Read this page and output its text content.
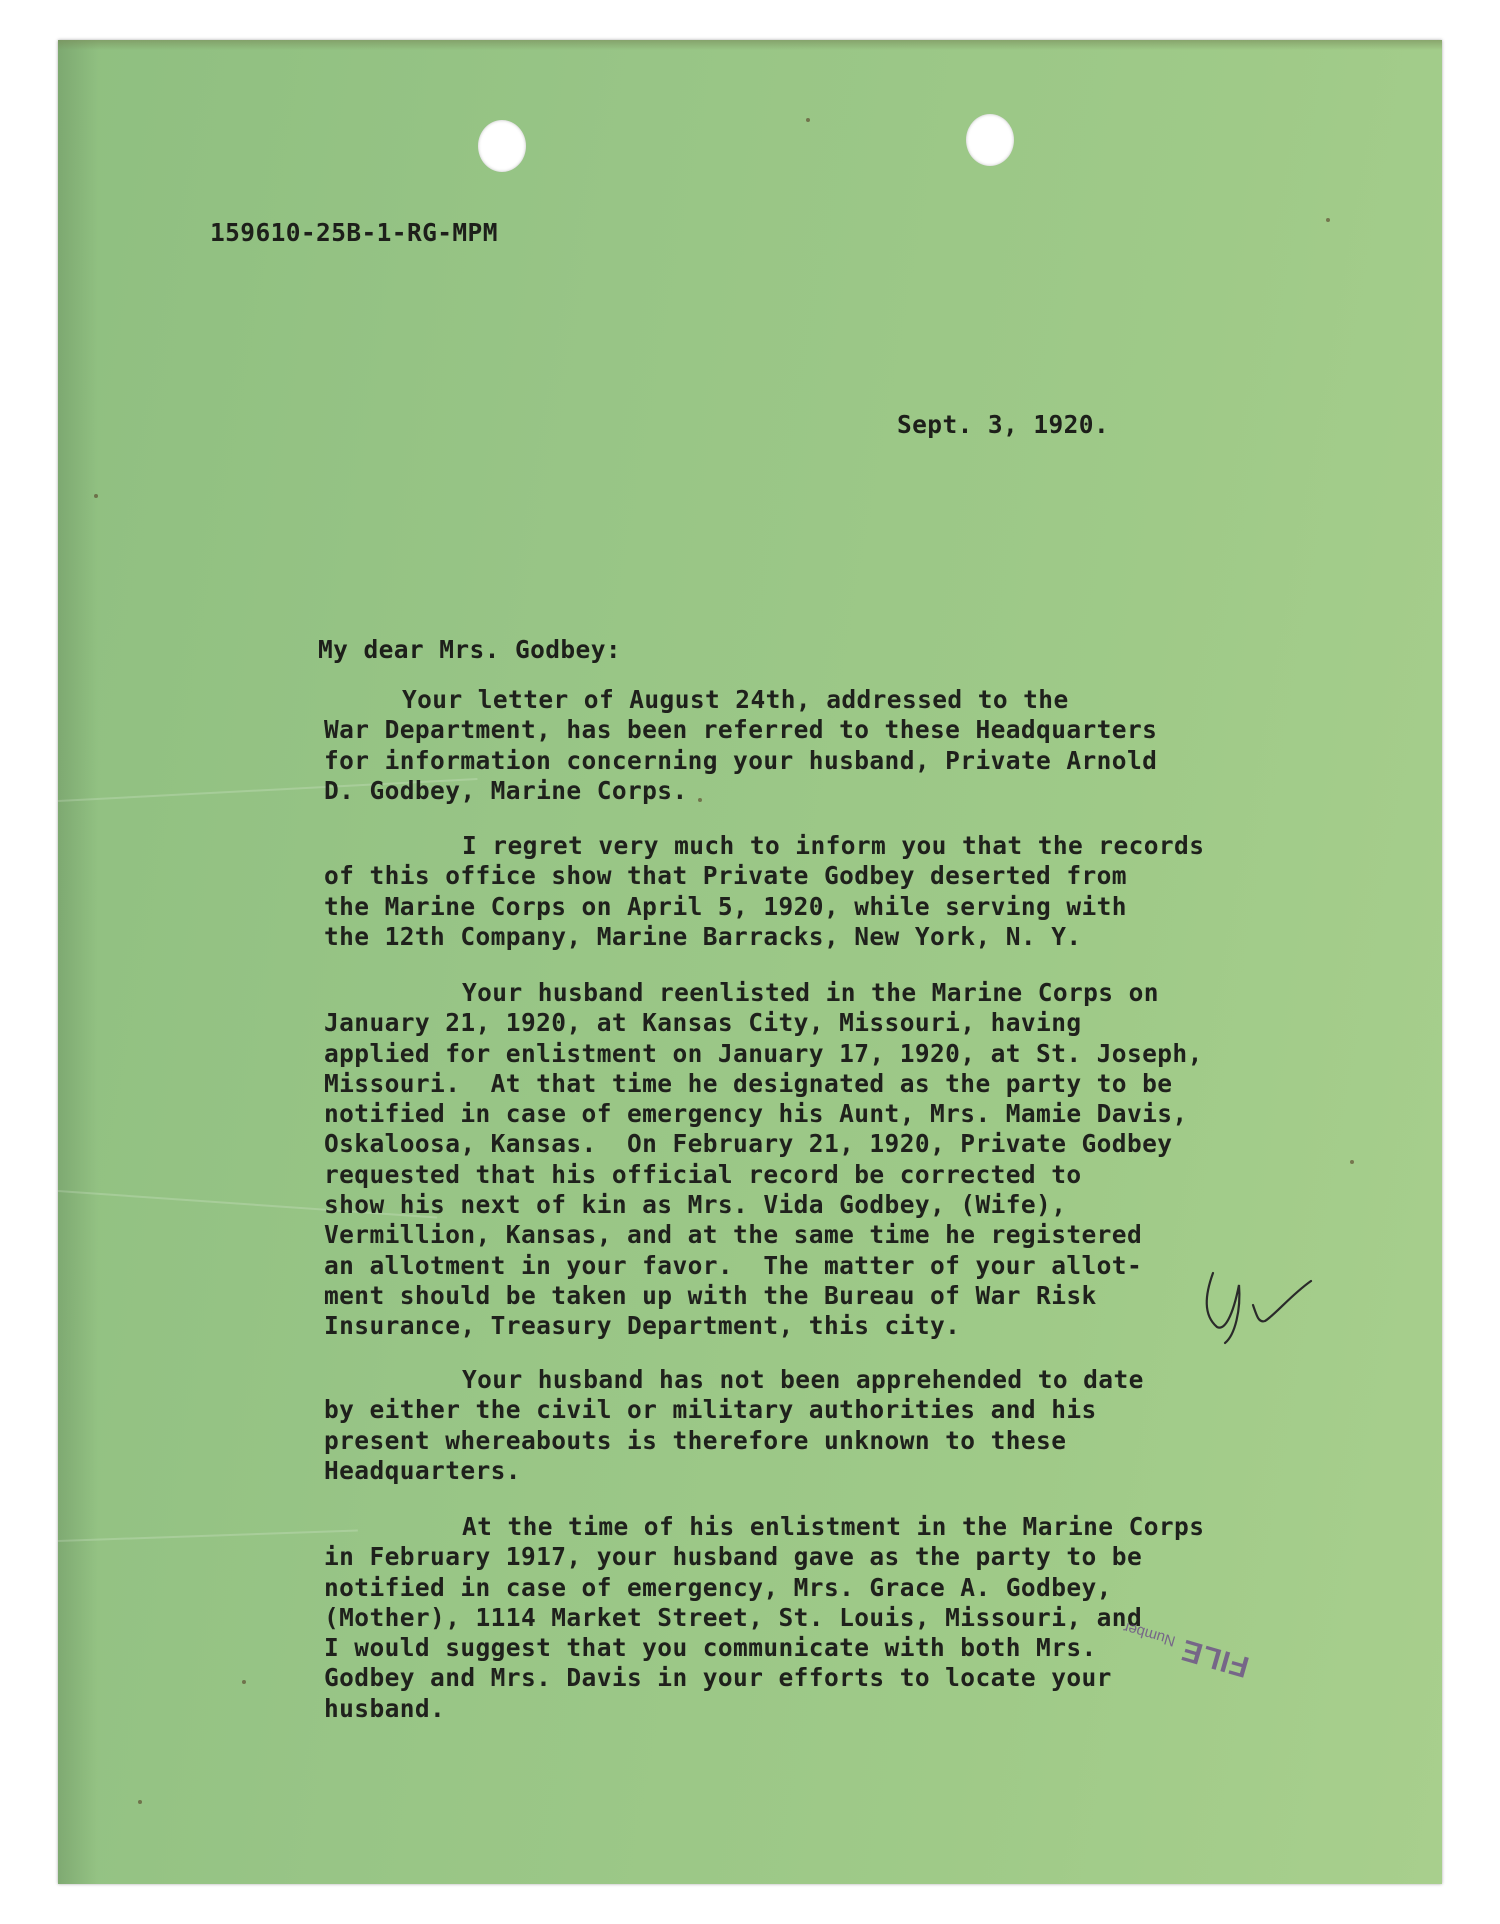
159610-25B-1-RG-MPM

Sept. 3, 1920.

My dear Mrs. Godbey:

Your letter of August 24th, addressed to the
War Department, has been referred to these Headquarters
for information concerning your husband, Private Arnold
D. Godbey, Marine Corps.
I regret very much to inform you that the records
of this office show that Private Godbey deserted from
the Marine Corps on April 5, 1920, while serving with
the 12th Company, Marine Barracks, New York, N. Y.
Your husband reenlisted in the Marine Corps on
January 21, 1920, at Kansas City, Missouri, having
applied for enlistment on January 17, 1920, at St. Joseph,
Missouri.  At that time he designated as the party to be
notified in case of emergency his Aunt, Mrs. Mamie Davis,
Oskaloosa, Kansas.  On February 21, 1920, Private Godbey
requested that his official record be corrected to
show his next of kin as Mrs. Vida Godbey, (Wife),
Vermillion, Kansas, and at the same time he registered
an allotment in your favor.  The matter of your allot-
ment should be taken up with the Bureau of War Risk
Insurance, Treasury Department, this city.
Your husband has not been apprehended to date
by either the civil or military authorities and his
present whereabouts is therefore unknown to these
Headquarters.
At the time of his enlistment in the Marine Corps
in February 1917, your husband gave as the party to be
notified in case of emergency, Mrs. Grace A. Godbey,
(Mother), 1114 Market Street, St. Louis, Missouri, and
I would suggest that you communicate with both Mrs.
Godbey and Mrs. Davis in your efforts to locate your
husband.
FILE Number
